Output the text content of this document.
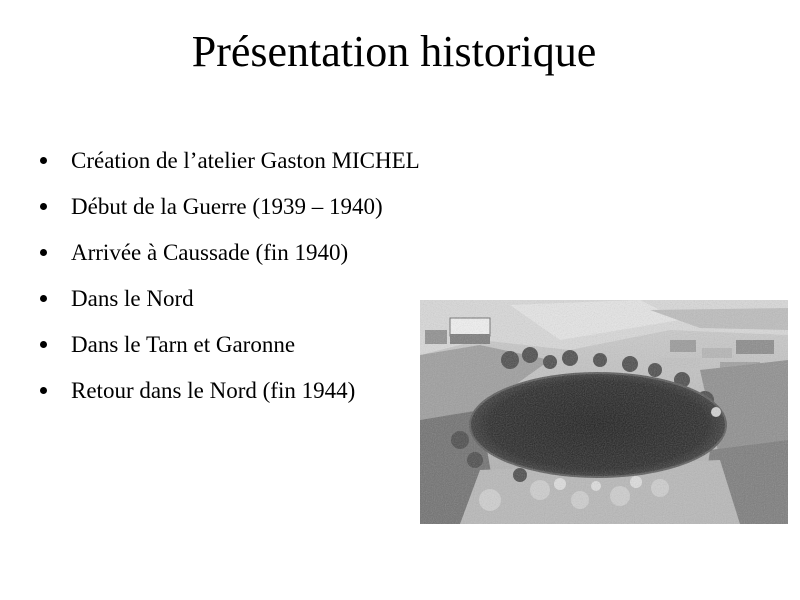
Présentation historique
Création de l’atelier Gaston MICHEL
Début de la Guerre (1939 – 1940)
Arrivée à Caussade (fin 1940)
Dans le Nord
Dans le Tarn et Garonne
Retour dans le Nord (fin 1944)
